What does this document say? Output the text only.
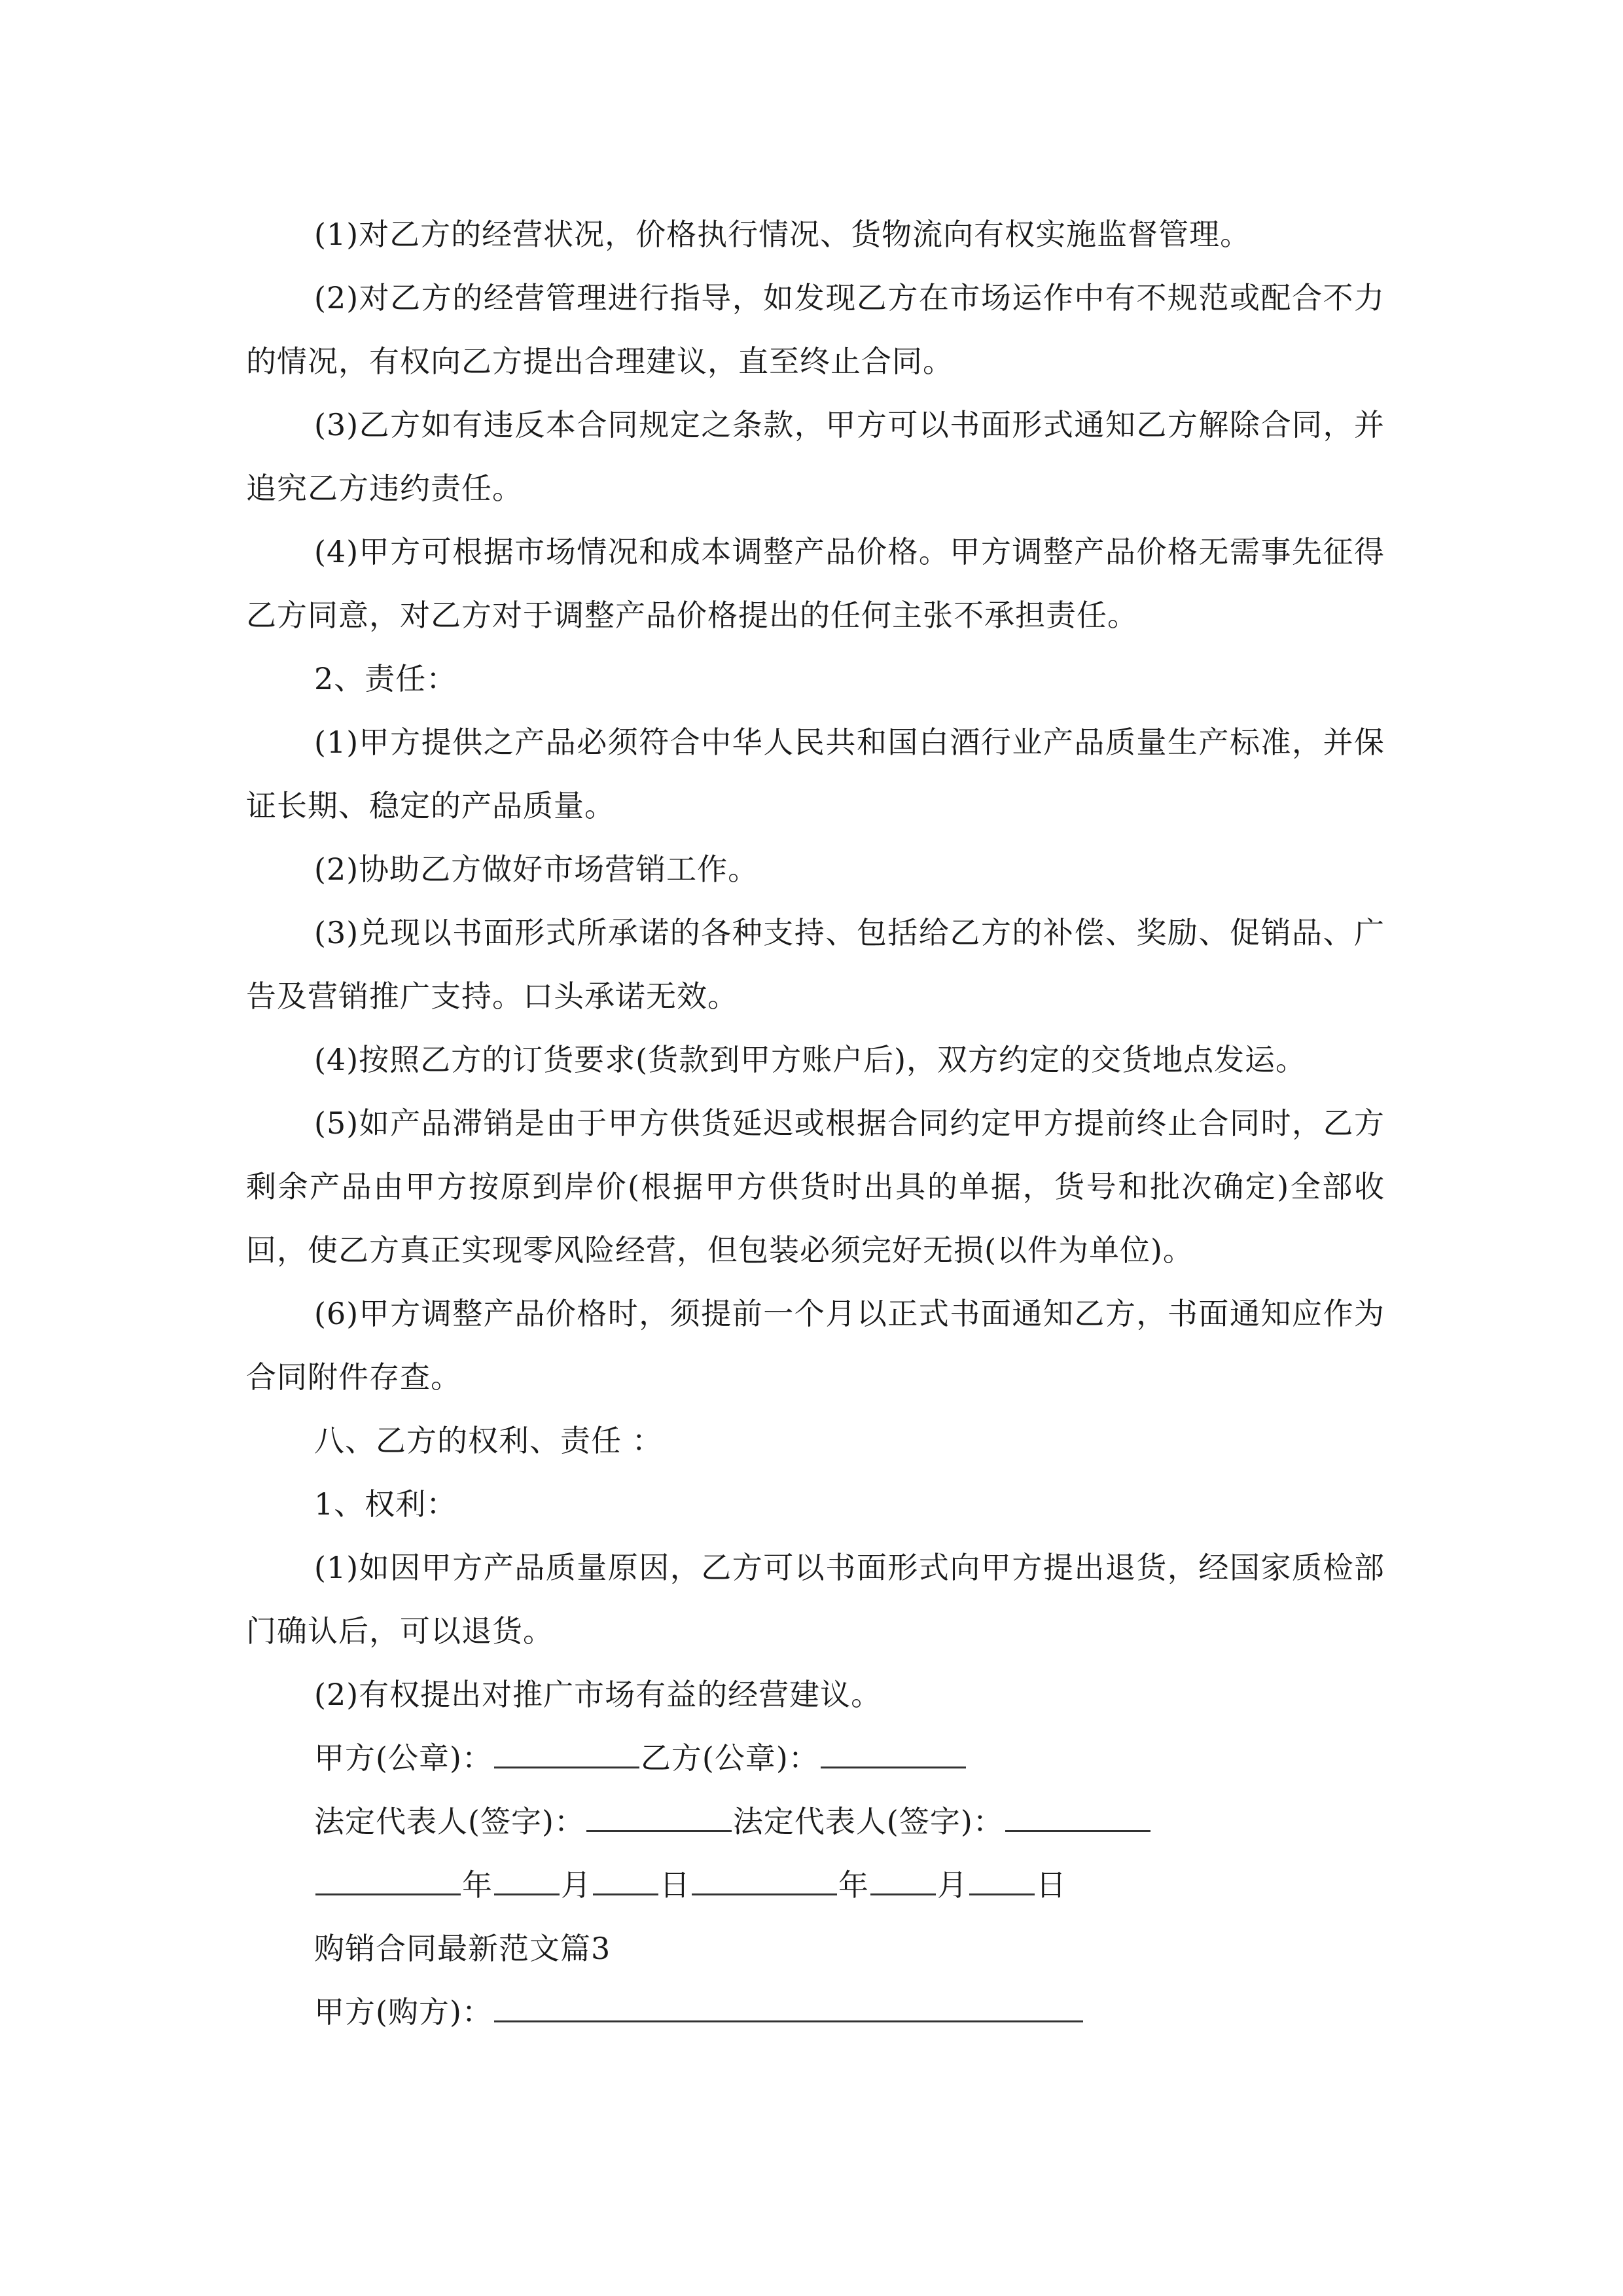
(1)对乙方的经营状况，价格执行情况、货物流向有权实施监督管理。

(2)对乙方的经营管理进行指导，如发现乙方在市场运作中有不规范或配合不力的情况，有权向乙方提出合理建议，直至终止合同。

(3)乙方如有违反本合同规定之条款，甲方可以书面形式通知乙方解除合同，并追究乙方违约责任。

(4)甲方可根据市场情况和成本调整产品价格。甲方调整产品价格无需事先征得乙方同意，对乙方对于调整产品价格提出的任何主张不承担责任。

2、责任：

(1)甲方提供之产品必须符合中华人民共和国白酒行业产品质量生产标准，并保证长期、稳定的产品质量。

(2)协助乙方做好市场营销工作。

(3)兑现以书面形式所承诺的各种支持、包括给乙方的补偿、奖励、促销品、广告及营销推广支持。口头承诺无效。

(4)按照乙方的订货要求(货款到甲方账户后)，双方约定的交货地点发运。

(5)如产品滞销是由于甲方供货延迟或根据合同约定甲方提前终止合同时，乙方剩余产品由甲方按原到岸价(根据甲方供货时出具的单据，货号和批次确定)全部收回，使乙方真正实现零风险经营，但包装必须完好无损(以件为单位)。

(6)甲方调整产品价格时，须提前一个月以正式书面通知乙方，书面通知应作为合同附件存查。

八、乙方的权利、责任 ：

1、权利：

(1)如因甲方产品质量原因，乙方可以书面形式向甲方提出退货，经国家质检部门确认后，可以退货。

(2)有权提出对推广市场有益的经营建议。

甲方(公章)：	乙方(公章)：

法定代表人(签字)：	法定代表人(签字)：

年 月 日	年 月 日

购销合同最新范文篇3

甲方(购方)：
